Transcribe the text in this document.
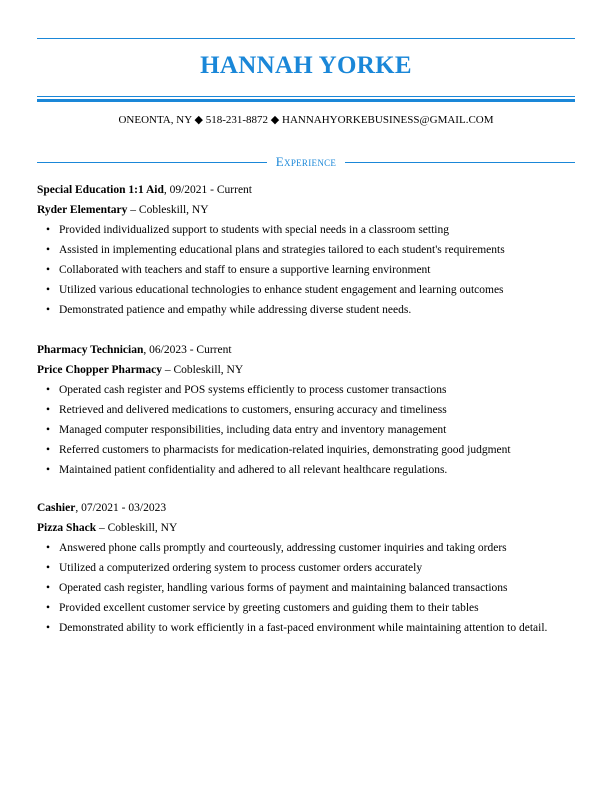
HANNAH YORKE
ONEONTA, NY ◆ 518-231-8872 ◆ HANNAHYORKEBUSINESS@GMAIL.COM
Experience
Special Education 1:1 Aid, 09/2021 - Current
Ryder Elementary – Cobleskill, NY
• Provided individualized support to students with special needs in a classroom setting
• Assisted in implementing educational plans and strategies tailored to each student's requirements
• Collaborated with teachers and staff to ensure a supportive learning environment
• Utilized various educational technologies to enhance student engagement and learning outcomes
• Demonstrated patience and empathy while addressing diverse student needs.
Pharmacy Technician, 06/2023 - Current
Price Chopper Pharmacy – Cobleskill, NY
• Operated cash register and POS systems efficiently to process customer transactions
• Retrieved and delivered medications to customers, ensuring accuracy and timeliness
• Managed computer responsibilities, including data entry and inventory management
• Referred customers to pharmacists for medication-related inquiries, demonstrating good judgment
• Maintained patient confidentiality and adhered to all relevant healthcare regulations.
Cashier, 07/2021 - 03/2023
Pizza Shack – Cobleskill, NY
• Answered phone calls promptly and courteously, addressing customer inquiries and taking orders
• Utilized a computerized ordering system to process customer orders accurately
• Operated cash register, handling various forms of payment and maintaining balanced transactions
• Provided excellent customer service by greeting customers and guiding them to their tables
• Demonstrated ability to work efficiently in a fast-paced environment while maintaining attention to detail.
